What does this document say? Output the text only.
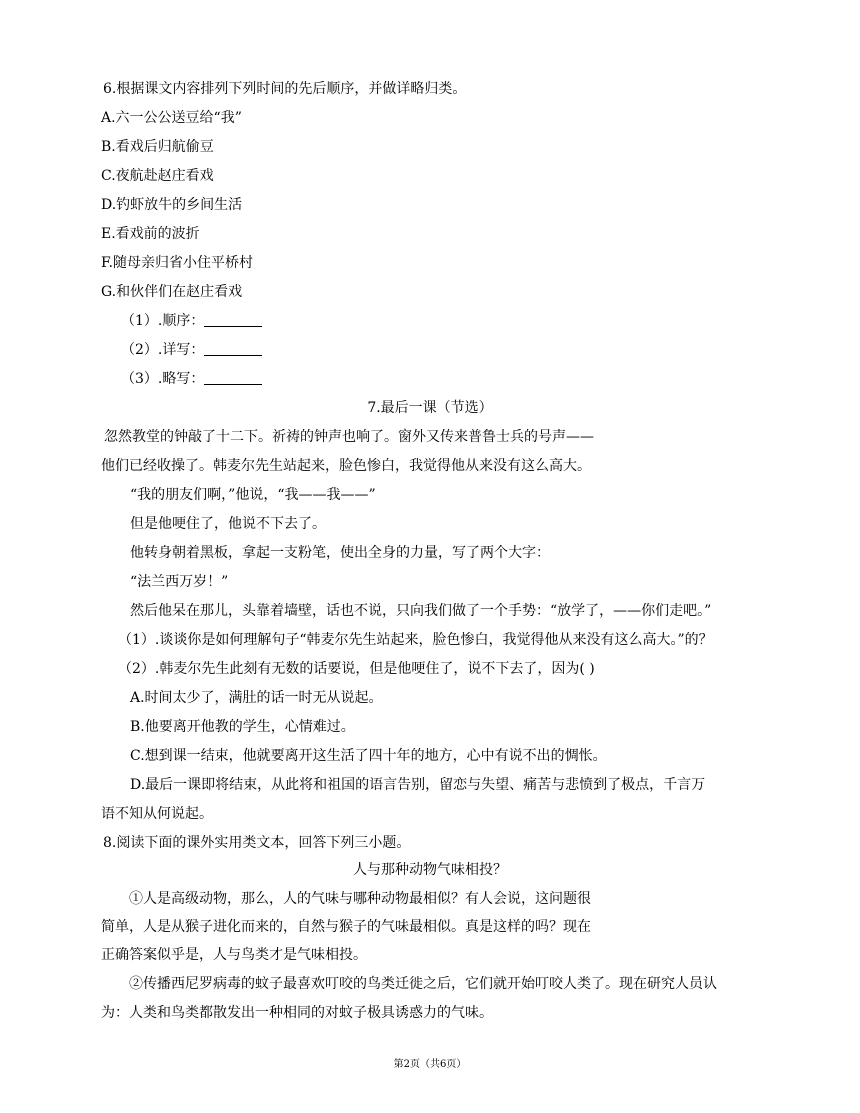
6.根据课文内容排列下列时间的先后顺序，并做详略归类。
A.六一公公送豆给“我”
B.看戏后归航偷豆
C.夜航赴赵庄看戏
D.钓虾放牛的乡间生活
E.看戏前的波折
F.随母亲归省小住平桥村
G.和伙伴们在赵庄看戏
（1）.顺序：
（2）.详写：
（3）.略写：
7.最后一课（节选）
忽然教堂的钟敲了十二下。祈祷的钟声也响了。窗外又传来普鲁士兵的号声——
他们已经收操了。韩麦尔先生站起来，脸色惨白，我觉得他从来没有这么高大。
“我的朋友们啊，”他说，“我——我——”
但是他哽住了，他说不下去了。
他转身朝着黑板，拿起一支粉笔，使出全身的力量，写了两个大字：
“法兰西万岁！”
然后他呆在那儿，头靠着墙壁，话也不说，只向我们做了一个手势：“放学了，——你们走吧。”
（1）.谈谈你是如何理解句子“韩麦尔先生站起来，脸色惨白，我觉得他从来没有这么高大。”的？
（2）.韩麦尔先生此刻有无数的话要说，但是他哽住了，说不下去了，因为( )
A.时间太少了，满肚的话一时无从说起。
B.他要离开他教的学生，心情难过。
C.想到课一结束，他就要离开这生活了四十年的地方，心中有说不出的惆怅。
D.最后一课即将结束，从此将和祖国的语言告别，留恋与失望、痛苦与悲愤到了极点，千言万
语不知从何说起。
8.阅读下面的课外实用类文本，回答下列三小题。
人与那种动物气味相投？
①人是高级动物，那么，人的气味与哪种动物最相似？有人会说，这问题很
简单，人是从猴子进化而来的，自然与猴子的气味最相似。真是这样的吗？现在
正确答案似乎是，人与鸟类才是气味相投。
②传播西尼罗病毒的蚊子最喜欢叮咬的鸟类迁徙之后，它们就开始叮咬人类了。现在研究人员认
为：人类和鸟类都散发出一种相同的对蚊子极具诱惑力的气味。
第2页（共6页）
